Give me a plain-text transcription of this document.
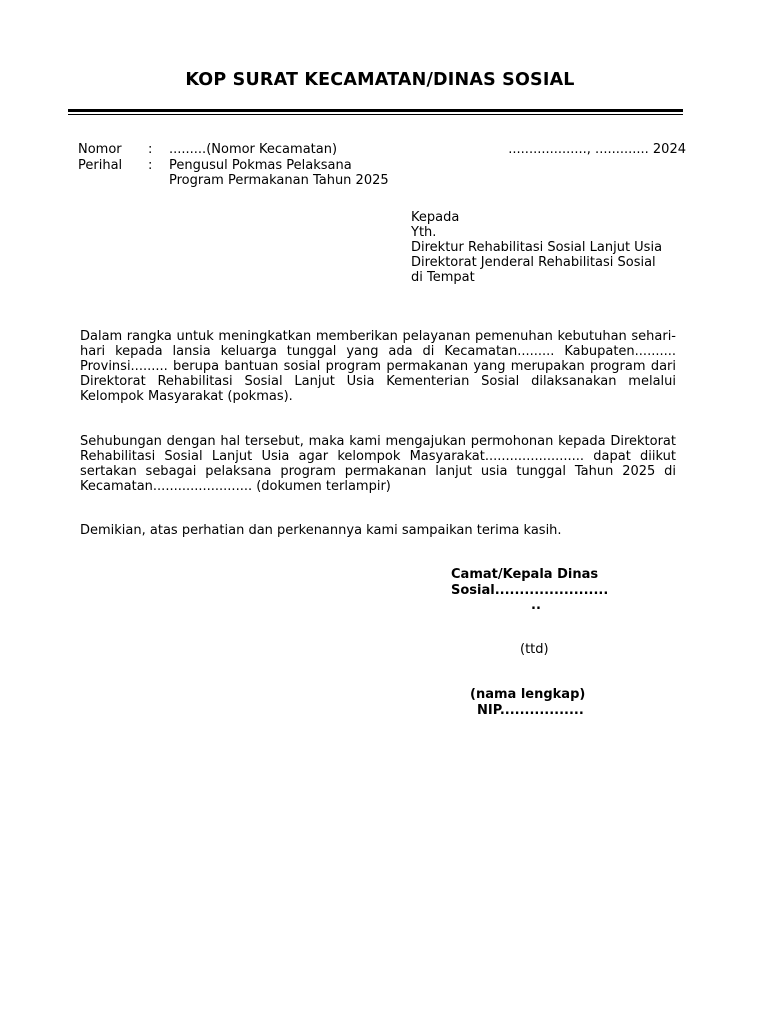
KOP SURAT KECAMATAN/DINAS SOSIAL
Nomor : .........(Nomor Kecamatan)	..................., ............. 2024
Perihal : Pengusul Pokmas Pelaksana
Program Permakanan Tahun 2025
Kepada
Yth.
Direktur Rehabilitasi Sosial Lanjut Usia
Direktorat Jenderal Rehabilitasi Sosial
di Tempat
Dalam rangka untuk meningkatkan memberikan pelayanan pemenuhan kebutuhan sehari-hari kepada lansia keluarga tunggal yang ada di Kecamatan......... Kabupaten.......... Provinsi......... berupa bantuan sosial program permakanan yang merupakan program dari Direktorat Rehabilitasi Sosial Lanjut Usia Kementerian Sosial dilaksanakan melalui Kelompok Masyarakat (pokmas).
Sehubungan dengan hal tersebut, maka kami mengajukan permohonan kepada Direktorat Rehabilitasi Sosial Lanjut Usia agar kelompok Masyarakat........................ dapat diikut sertakan sebagai pelaksana program permakanan lanjut usia tunggal Tahun 2025 di Kecamatan........................ (dokumen terlampir)
Demikian, atas perhatian dan perkenannya kami sampaikan terima kasih.
Camat/Kepala Dinas
Sosial.......................
..
(ttd)
(nama lengkap)
NIP.................
